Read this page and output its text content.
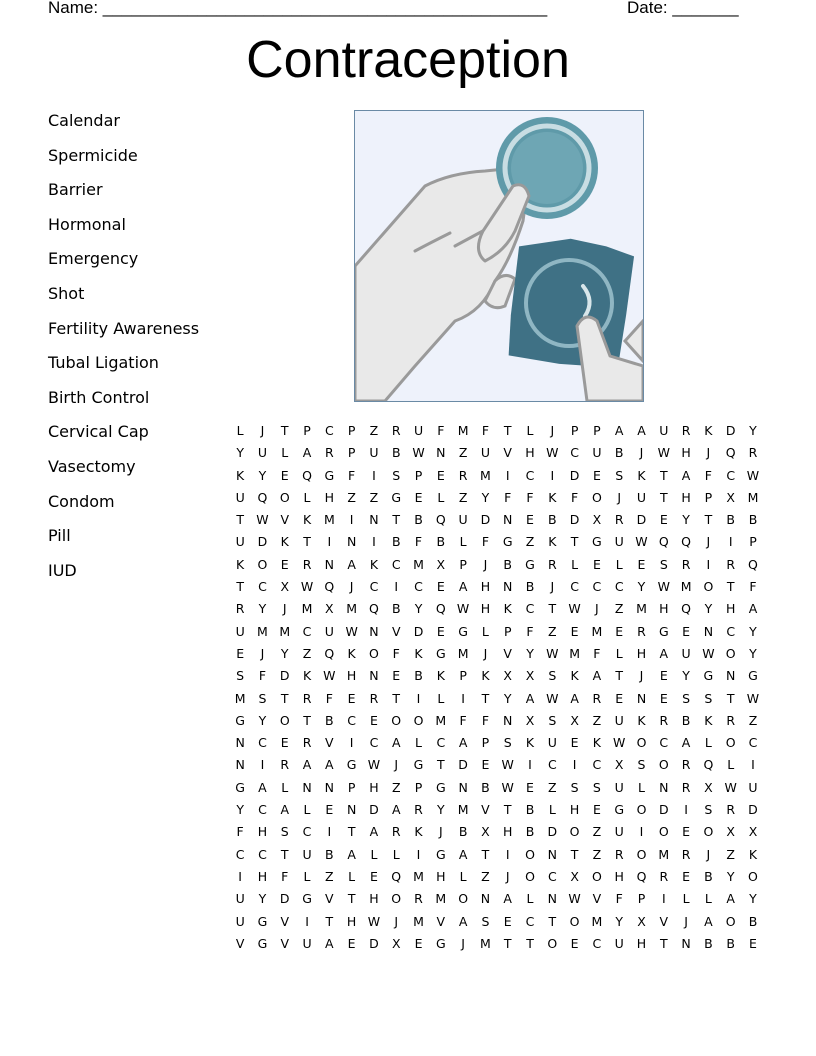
Name: _______________________________________________	Date: _______
Contraception
Calendar
Spermicide
Barrier
Hormonal
Emergency
Shot
Fertility Awareness
Tubal Ligation
Birth Control
Cervical Cap
Vasectomy
Condom
Pill
IUD
L J T P C P Z R U F M F T L J P P A A U R K D Y
Y U L A R P U B W N Z U V H W C U B J W H J Q R
K Y E Q G F I S P E R M I C I D E S K T A F C W
U Q O L H Z Z G E L Z Y F F K F O J U T H P X M
T W V K M I N T B Q U D N E B D X R D E Y T B B
U D K T I N I B F B L F G Z K T G U W Q Q J I P
K O E R N A K C M X P J B G R L E L E S R I R Q
T C X W Q J C I C E A H N B J C C C Y W M O T F
R Y J M X M Q B Y Q W H K C T W J Z M H Q Y H A
U M M C U W N V D E G L P F Z E M E R G E N C Y
E J Y Z Q K O F K G M J V Y W M F L H A U W O Y
S F D K W H N E B K P K X X S K A T J E Y G N G
M S T R F E R T I L I T Y A W A R E N E S S T W
G Y O T B C E O O M F F N X S X Z U K R B K R Z
N C E R V I C A L C A P S K U E K W O C A L O C
N I R A A G W J G T D E W I C I C X S O R Q L I
G A L N N P H Z P G N B W E Z S S U L N R X W U
Y C A L E N D A R Y M V T B L H E G O D I S R D
F H S C I T A R K J B X H B D O Z U I O E O X X
C C T U B A L L I G A T I O N T Z R O M R J Z K
I H F L Z L E Q M H L Z J O C X O H Q R E B Y O
U Y D G V T H O R M O N A L N W V F P I L L A Y
U G V I T H W J M V A S E C T O M Y X V J A O B
V G V U A E D X E G J M T T O E C U H T N B B E
